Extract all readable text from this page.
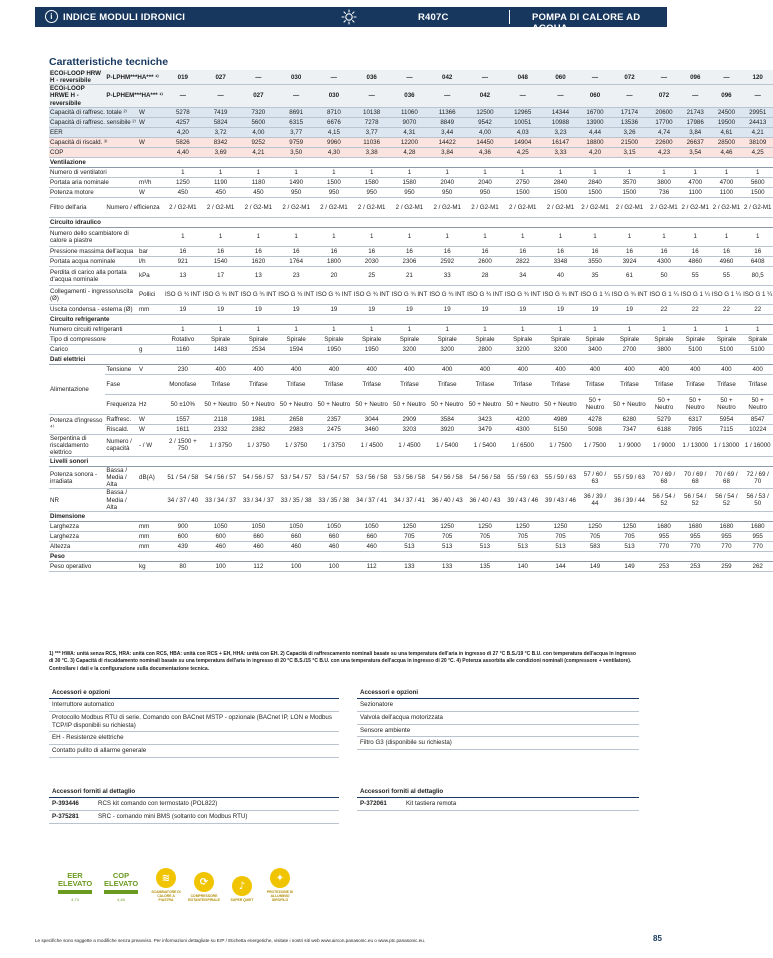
i	INDICE MODULI IDRONICI	R407C	POMPA DI CALORE AD ACQUA
Caratteristiche tecniche
ECOi-LOOP HRW H - reversibile	P-LPHM***HA*** ¹⁾		019	027	—	030	—	036	—	042	—	048	060	—	072	—	096	—	120
ECOi-LOOP HRWE H - reversibile	P-LPHEM***HA*** ¹⁾		—	—	027	—	030	—	036	—	042	—	—	060	—	072	—	096	—
Capacità di raffresc. totale ²⁾		W	5278	7419	7320	8691	8710	10138	11060	11366	12500	12965	14344	16700	17174	20600	21743	24500	29951
Capacità di raffresc. sensibile ²⁾		W	4257	5824	5600	6315	6676	7278	9070	8849	9542	10051	10988	13900	13536	17700	17986	19500	24413
EER			4,20	3,72	4,00	3,77	4,15	3,77	4,31	3,44	4,00	4,03	3,23	4,44	3,26	4,74	3,84	4,61	4,21
Capacità di riscald. ³⁾		W	5826	8342	9252	9759	9960	11036	12200	14422	14450	14904	16147	18800	21500	22600	26637	28500	38109
COP			4,40	3,69	4,21	3,50	4,30	3,38	4,28	3,84	4,36	4,25	3,33	4,20	3,15	4,23	3,54	4,46	4,25
Ventilazione																			
Numero di ventilatori			1	1	1	1	1	1	1	1	1	1	1	1	1	1	1	1	1
Portata aria nominale		m³/h	1250	1190	1180	1490	1500	1580	1580	2040	2040	2750	2840	2840	3570	3800	4700	4700	5600
Potenza motore		W	450	450	450	950	950	950	950	950	950	1500	1500	1500	1500	736	1100	1100	1500
Filtro dell'aria	Numero / efficienza		2 / G2-M1	2 / G2-M1	2 / G2-M1	2 / G2-M1	2 / G2-M1	2 / G2-M1	2 / G2-M1	2 / G2-M1	2 / G2-M1	2 / G2-M1	2 / G2-M1	2 / G2-M1	2 / G2-M1	2 / G2-M1	2 / G2-M1	2 / G2-M1	2 / G2-M1
Circuito idraulico																			
Numero dello scambiatore di calore a piastre			1	1	1	1	1	1	1	1	1	1	1	1	1	1	1	1	1
Pressione massima dell'acqua		bar	16	16	16	16	16	16	16	16	16	16	16	16	16	16	16	16	16
Portata acqua nominale		l/h	921	1540	1620	1764	1800	2030	2306	2592	2600	2822	3348	3550	3924	4300	4860	4960	6408
Perdita di carico alla portata d'acqua nominale		kPa	13	17	13	23	20	25	21	33	28	34	40	35	61	50	55	55	80,5
Collegamenti - ingresso/uscita (Ø)		Pollici	ISO G ¾ INT	ISO G ¾ INT	ISO G ¾ INT	ISO G ¾ INT	ISO G ¾ INT	ISO G ¾ INT	ISO G ¾ INT	ISO G ¾ INT	ISO G ¾ INT	ISO G ¾ INT	ISO G ¾ INT	ISO G 1 ¼	ISO G ¾ INT	ISO G 1 ¼	ISO G 1 ¼	ISO G 1 ¼	ISO G 1 ¼
Uscita condensa - esterna (Ø)		mm	19	19	19	19	19	19	19	19	19	19	19	19	19	22	22	22	22
Circuito refrigerante																			
Numero circuiti refrigeranti			1	1	1	1	1	1	1	1	1	1	1	1	1	1	1	1	1
Tipo di compressore			Rotativo	Spirale	Spirale	Spirale	Spirale	Spirale	Spirale	Spirale	Spirale	Spirale	Spirale	Spirale	Spirale	Spirale	Spirale	Spirale	Spirale
Carico		g	1160	1483	2534	1594	1950	1950	3200	3200	2800	3200	3200	3400	2700	3800	5100	5100	5100
Dati elettrici																			
Alimentazione	Tensione	V	230	400	400	400	400	400	400	400	400	400	400	400	400	400	400	400	400
	Fase		Monofase	Trifase	Trifase	Trifase	Trifase	Trifase	Trifase	Trifase	Trifase	Trifase	Trifase	Trifase	Trifase	Trifase	Trifase	Trifase	Trifase
	Frequenza	Hz	50 ±10%	50 + Neutro	50 + Neutro	50 + Neutro	50 + Neutro	50 + Neutro	50 + Neutro	50 + Neutro	50 + Neutro	50 + Neutro	50 + Neutro	50 + Neutro	50 + Neutro	50 + Neutro	50 + Neutro	50 + Neutro	50 + Neutro
Potenza d'ingresso ⁴⁾	Raffresc.	W	1557	2118	1981	2658	2357	3044	2909	3584	3423	4200	4989	4278	6280	5279	6317	5954	8547
	Riscald.	W	1611	2332	2382	2983	2475	3460	3203	3920	3479	4300	5150	5098	7347	6188	7895	7115	10224
Serpentina di riscaldamento elettrico	Numero / capacità	- / W	2 / 1500 + 750	1 / 3750	1 / 3750	1 / 3750	1 / 3750	1 / 4500	1 / 4500	1 / 5400	1 / 5400	1 / 6500	1 / 7500	1 / 7500	1 / 9000	1 / 9000	1 / 13000	1 / 13000	1 / 16000
Livelli sonori																			
Potenza sonora - irradiata	Bassa / Media / Alta	dB(A)	51 / 54 / 58	54 / 56 / 57	54 / 56 / 57	53 / 54 / 57	53 / 54 / 57	53 / 56 / 58	53 / 56 / 58	54 / 56 / 58	54 / 56 / 58	55 / 59 / 63	55 / 59 / 63	57 / 60 / 63	55 / 59 / 63	70 / 69 / 68	70 / 69 / 68	70 / 69 / 68	72 / 69 / 70
NR	Bassa / Media / Alta		34 / 37 / 40	33 / 34 / 37	33 / 34 / 37	33 / 35 / 38	33 / 35 / 38	34 / 37 / 41	34 / 37 / 41	36 / 40 / 43	36 / 40 / 43	39 / 43 / 46	39 / 43 / 46	36 / 39 / 44	36 / 39 / 44	56 / 54 / 52	56 / 54 / 52	56 / 54 / 52	56 / 53 / 50
Dimensione																			
Larghezza		mm	900	1050	1050	1050	1050	1050	1250	1250	1250	1250	1250	1250	1250	1680	1680	1680	1680
Larghezza		mm	600	600	660	660	660	660	705	705	705	705	705	705	705	955	955	955	955
Altezza		mm	439	460	460	460	460	460	513	513	513	513	513	583	513	770	770	770	770
Peso																			
Peso operativo		kg	80	100	112	100	100	112	133	133	135	140	144	149	149	253	253	259	262
1) *** HWA: unità senza RCS, HRA: unità con RCS, HBA: unità con RCS + EH, HHA: unità con EH. 2) Capacità di raffrescamento nominali basate su una temperatura dell'aria in ingresso di 27 °C B.S./19 °C B.U. con temperatura dell'acqua in ingresso di 30 °C. 3) Capacità di riscaldamento nominali basate su una temperatura dell'aria in ingresso di 20 °C B.S./15 °C B.U. con una temperatura dell'acqua in ingresso di 20 °C. 4) Potenza assorbita alle condizioni nominali (compressore + ventilatore). Controllare i dati e la configurazione sulla documentazione tecnica.
Accessori e opzioni
Interruttore automatico
Protocollo Modbus RTU di serie. Comando con BACnet MSTP - opzionale (BACnet IP, LON e Modbus TCP/IP disponibili su richiesta)
EH - Resistenze elettriche
Contatto pulito di allarme generale
Accessori e opzioni
Sezionatore
Valvola dell'acqua motorizzata
Sensore ambiente
Filtro G3 (disponibile su richiesta)
Accessori forniti al dettaglio
P-393446	RCS kit comando con termostato (POL822)
P-375281	SRC - comando mini BMS (soltanto con Modbus RTU)
Accessori forniti al dettaglio
P-372061	Kit tastiera remota
EER
ELEVATO
4,74
COP
ELEVATO
4,46
≋
SCAMBIATORE DI CALORE A PIASTRA
⟳
COMPRESSORE ROTANTE/SPIRALE
♪
SUPER QUIET
✦
PROTEZIONE DI ALLUMINIO IDROFILO
Le specifiche sono soggette a modifiche senza preavviso. Per informazioni dettagliate su ErP / Etichetta energetiche, visitate i nostri siti web www.aircon.panasonic.eu o www.ptc.panasonic.eu.	85
